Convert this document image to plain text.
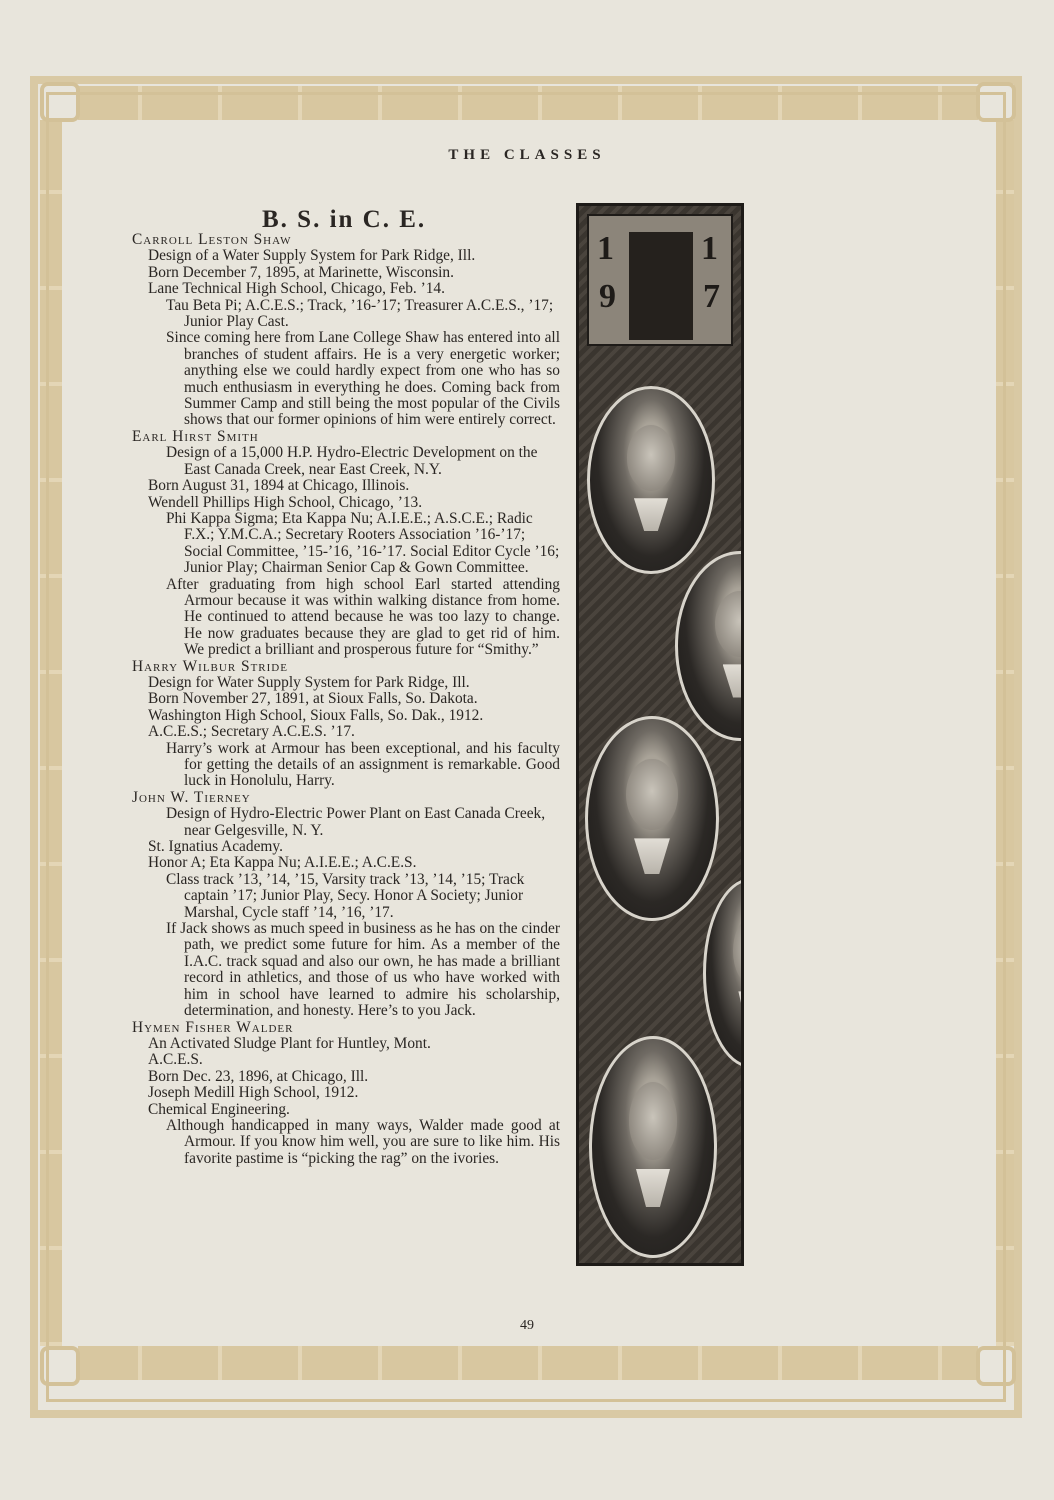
THE CLASSES
B. S. in C. E.
Carroll Leston Shaw
Design of a Water Supply System for Park Ridge, Ill.
Born December 7, 1895, at Marinette, Wisconsin.
Lane Technical High School, Chicago, Feb. ’14.
Tau Beta Pi; A.C.E.S.; Track, ’16-’17; Treasurer A.C.E.S., ’17; Junior Play Cast.
Since coming here from Lane College Shaw has entered into all branches of student affairs. He is a very energetic worker; anything else we could hardly expect from one who has so much enthusiasm in everything he does. Coming back from Summer Camp and still being the most popular of the Civils shows that our former opinions of him were entirely correct.
Earl Hirst Smith
Design of a 15,000 H.P. Hydro-Electric Development on the East Canada Creek, near East Creek, N.Y.
Born August 31, 1894 at Chicago, Illinois.
Wendell Phillips High School, Chicago, ’13.
Phi Kappa Sigma; Eta Kappa Nu; A.I.E.E.; A.S.C.E.; Radic F.X.; Y.M.C.A.; Secretary Rooters Association ’16-’17; Social Committee, ’15-’16, ’16-’17. Social Editor Cycle ’16; Junior Play; Chairman Senior Cap & Gown Committee.
After graduating from high school Earl started attending Armour because it was within walking distance from home. He continued to attend because he was too lazy to change. He now graduates because they are glad to get rid of him. We predict a brilliant and prosperous future for “Smithy.”
Harry Wilbur Stride
Design for Water Supply System for Park Ridge, Ill.
Born November 27, 1891, at Sioux Falls, So. Dakota.
Washington High School, Sioux Falls, So. Dak., 1912.
A.C.E.S.; Secretary A.C.E.S. ’17.
Harry’s work at Armour has been exceptional, and his faculty for getting the details of an assignment is remarkable. Good luck in Honolulu, Harry.
John W. Tierney
Design of Hydro-Electric Power Plant on East Canada Creek, near Gelgesville, N. Y.
St. Ignatius Academy.
Honor A; Eta Kappa Nu; A.I.E.E.; A.C.E.S.
Class track ’13, ’14, ’15, Varsity track ’13, ’14, ’15; Track captain ’17; Junior Play, Secy. Honor A Society; Junior Marshal, Cycle staff ’14, ’16, ’17.
If Jack shows as much speed in business as he has on the cinder path, we predict some future for him. As a member of the I.A.C. track squad and also our own, he has made a brilliant record in athletics, and those of us who have worked with him in school have learned to admire his scholarship, determination, and honesty. Here’s to you Jack.
Hymen Fisher Walder
An Activated Sludge Plant for Huntley, Mont.
A.C.E.S.
Born Dec. 23, 1896, at Chicago, Ill.
Joseph Medill High School, 1912.
Chemical Engineering.
Although handicapped in many ways, Walder made good at Armour. If you know him well, you are sure to like him. His favorite pastime is “picking the rag” on the ivories.
1
9
1
7
49
